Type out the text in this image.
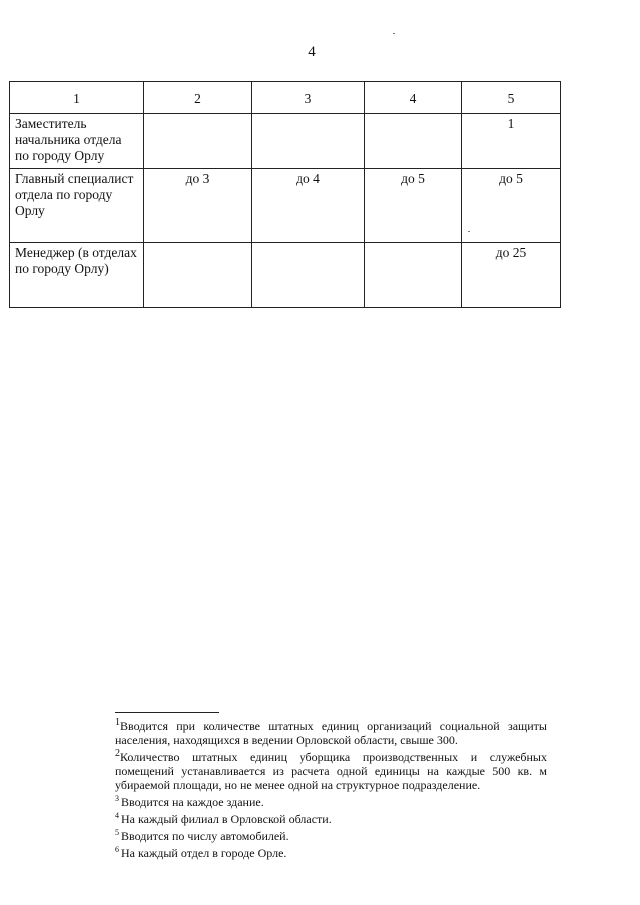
4
1	2	3	4	5
Заместитель начальника отдела по городу Орлу				1
Главный специалист отдела по городу Орлу	до 3	до 4	до 5	до 5
Менеджер (в отделах по городу Орлу)				до 25
$^1$Вводится при количестве штатных единиц организаций социальной защиты населения, находящихся в ведении Орловской области, свыше 300.
$^2$Количество штатных единиц уборщика производственных и служебных помещений устанавливается из расчета одной единицы на каждые 500 кв. м убираемой площади, но не менее одной на структурное подразделение.

$^3$ Вводится на каждое здание.

$^4$ На каждый филиал в Орловской области.

$^5$ Вводится по числу автомобилей.

$^6$ На каждый отдел в городе Орле.
